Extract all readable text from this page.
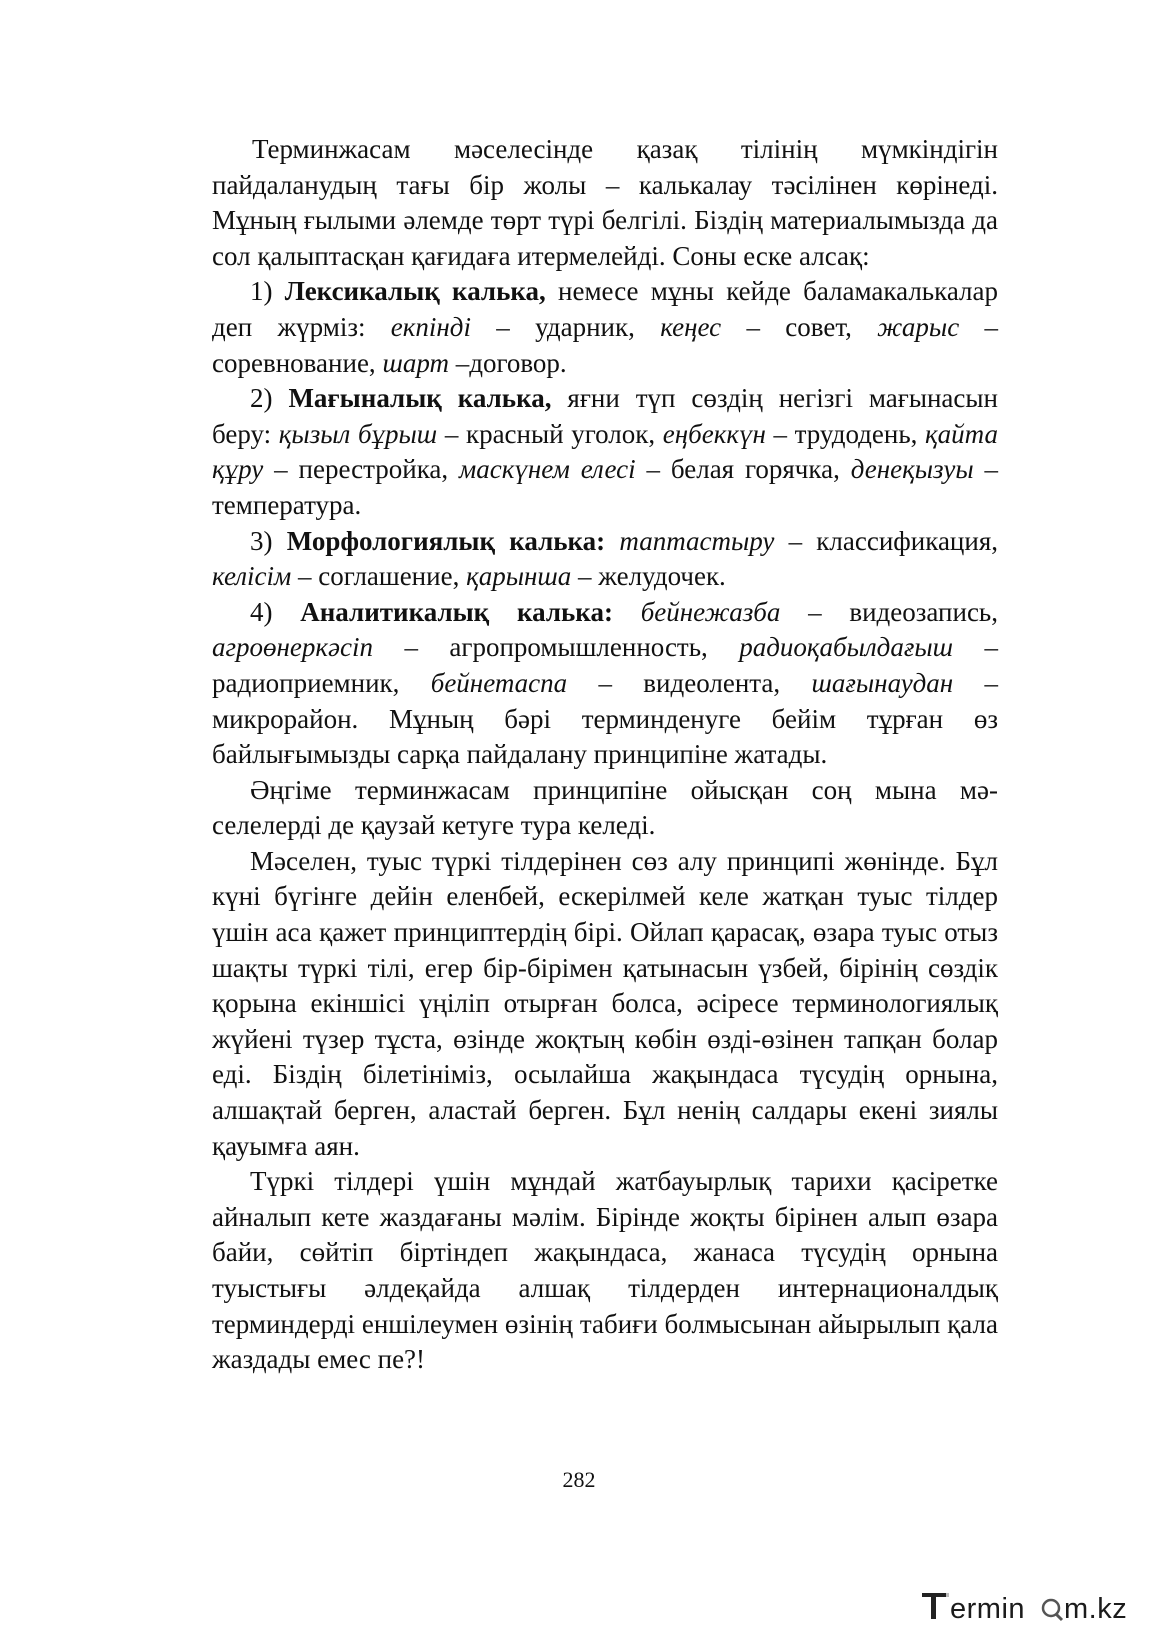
Терминжасам мәселесінде қазақ тілінің мүмкіндігін пайдаланудың тағы бір жолы – калькалау тәсілінен көрінеді. Мұның ғылыми әлемде төрт түрі белгілі. Біздің материалымызда да сол қалыптасқан қағидаға итермелейді. Соны еске алсақ:

1) Лексикалық калька, немесе мұны кейде баламакалькалар деп жүрміз: екпінді – ударник, кеңес – совет, жарыс – соревнование, шарт –договор.

2) Мағыналық калька, яғни түп сөздің негізгі мағынасын беру: қызыл бұрыш – красный уголок, еңбеккүн – трудодень, қайта құру – перестройка, маскүнем елесі – белая горячка, денеқызуы – температура.

3) Морфологиялық калька: таптастыру – классификация, келісім – соглашение, қарынша – желудочек.

4) Аналитикалық калька: бейнежазба – видеозапись, агроөнеркәсіп – агропромышленность, радиоқабылдағыш – радиоприемник, бейнетаспа – видеолента, шағынаудан – микрорайон. Мұның бәрі терминденуге бейім тұрған өз байлығымызды сарқа пайдалану принципіне жатады.

Әңгіме терминжасам принципіне ойысқан соң мына мәселелерді де қаузай кетуге тура келеді.

Мәселен, туыс түркі тілдерінен сөз алу принципі жөнінде. Бұл күні бүгінге дейін еленбей, ескерілмей келе жатқан туыс тілдер үшін аса қажет принциптердің бірі. Ойлап қарасақ, өзара туыс отыз шақты түркі тілі, егер бір-бірімен қатынасын үзбей, бірінің сөздік қорына екіншісі үңіліп отырған болса, әсіресе терминологиялық жүйені түзер тұста, өзінде жоқтың көбін өзді-өзінен тапқан болар еді. Біздің білетініміз, осылайша жақындаса түсудің орнына, алшақтай берген, аластай берген. Бұл ненің салдары екені зиялы қауымға аян.

Түркі тілдері үшін мұндай жатбауырлық тарихи қасіретке айналып кете жаздағаны мәлім. Бірінде жоқты бірінен алып өзара байи, сөйтіп біртіндеп жақындаса, жанаса түсудің орнына туыстығы әлдеқайда алшақ тілдерден интернационалдық терминдерді еншілеумен өзінің табиғи болмысынан айырылып қала жаздады емес пе?!

282
ermin m.kz
